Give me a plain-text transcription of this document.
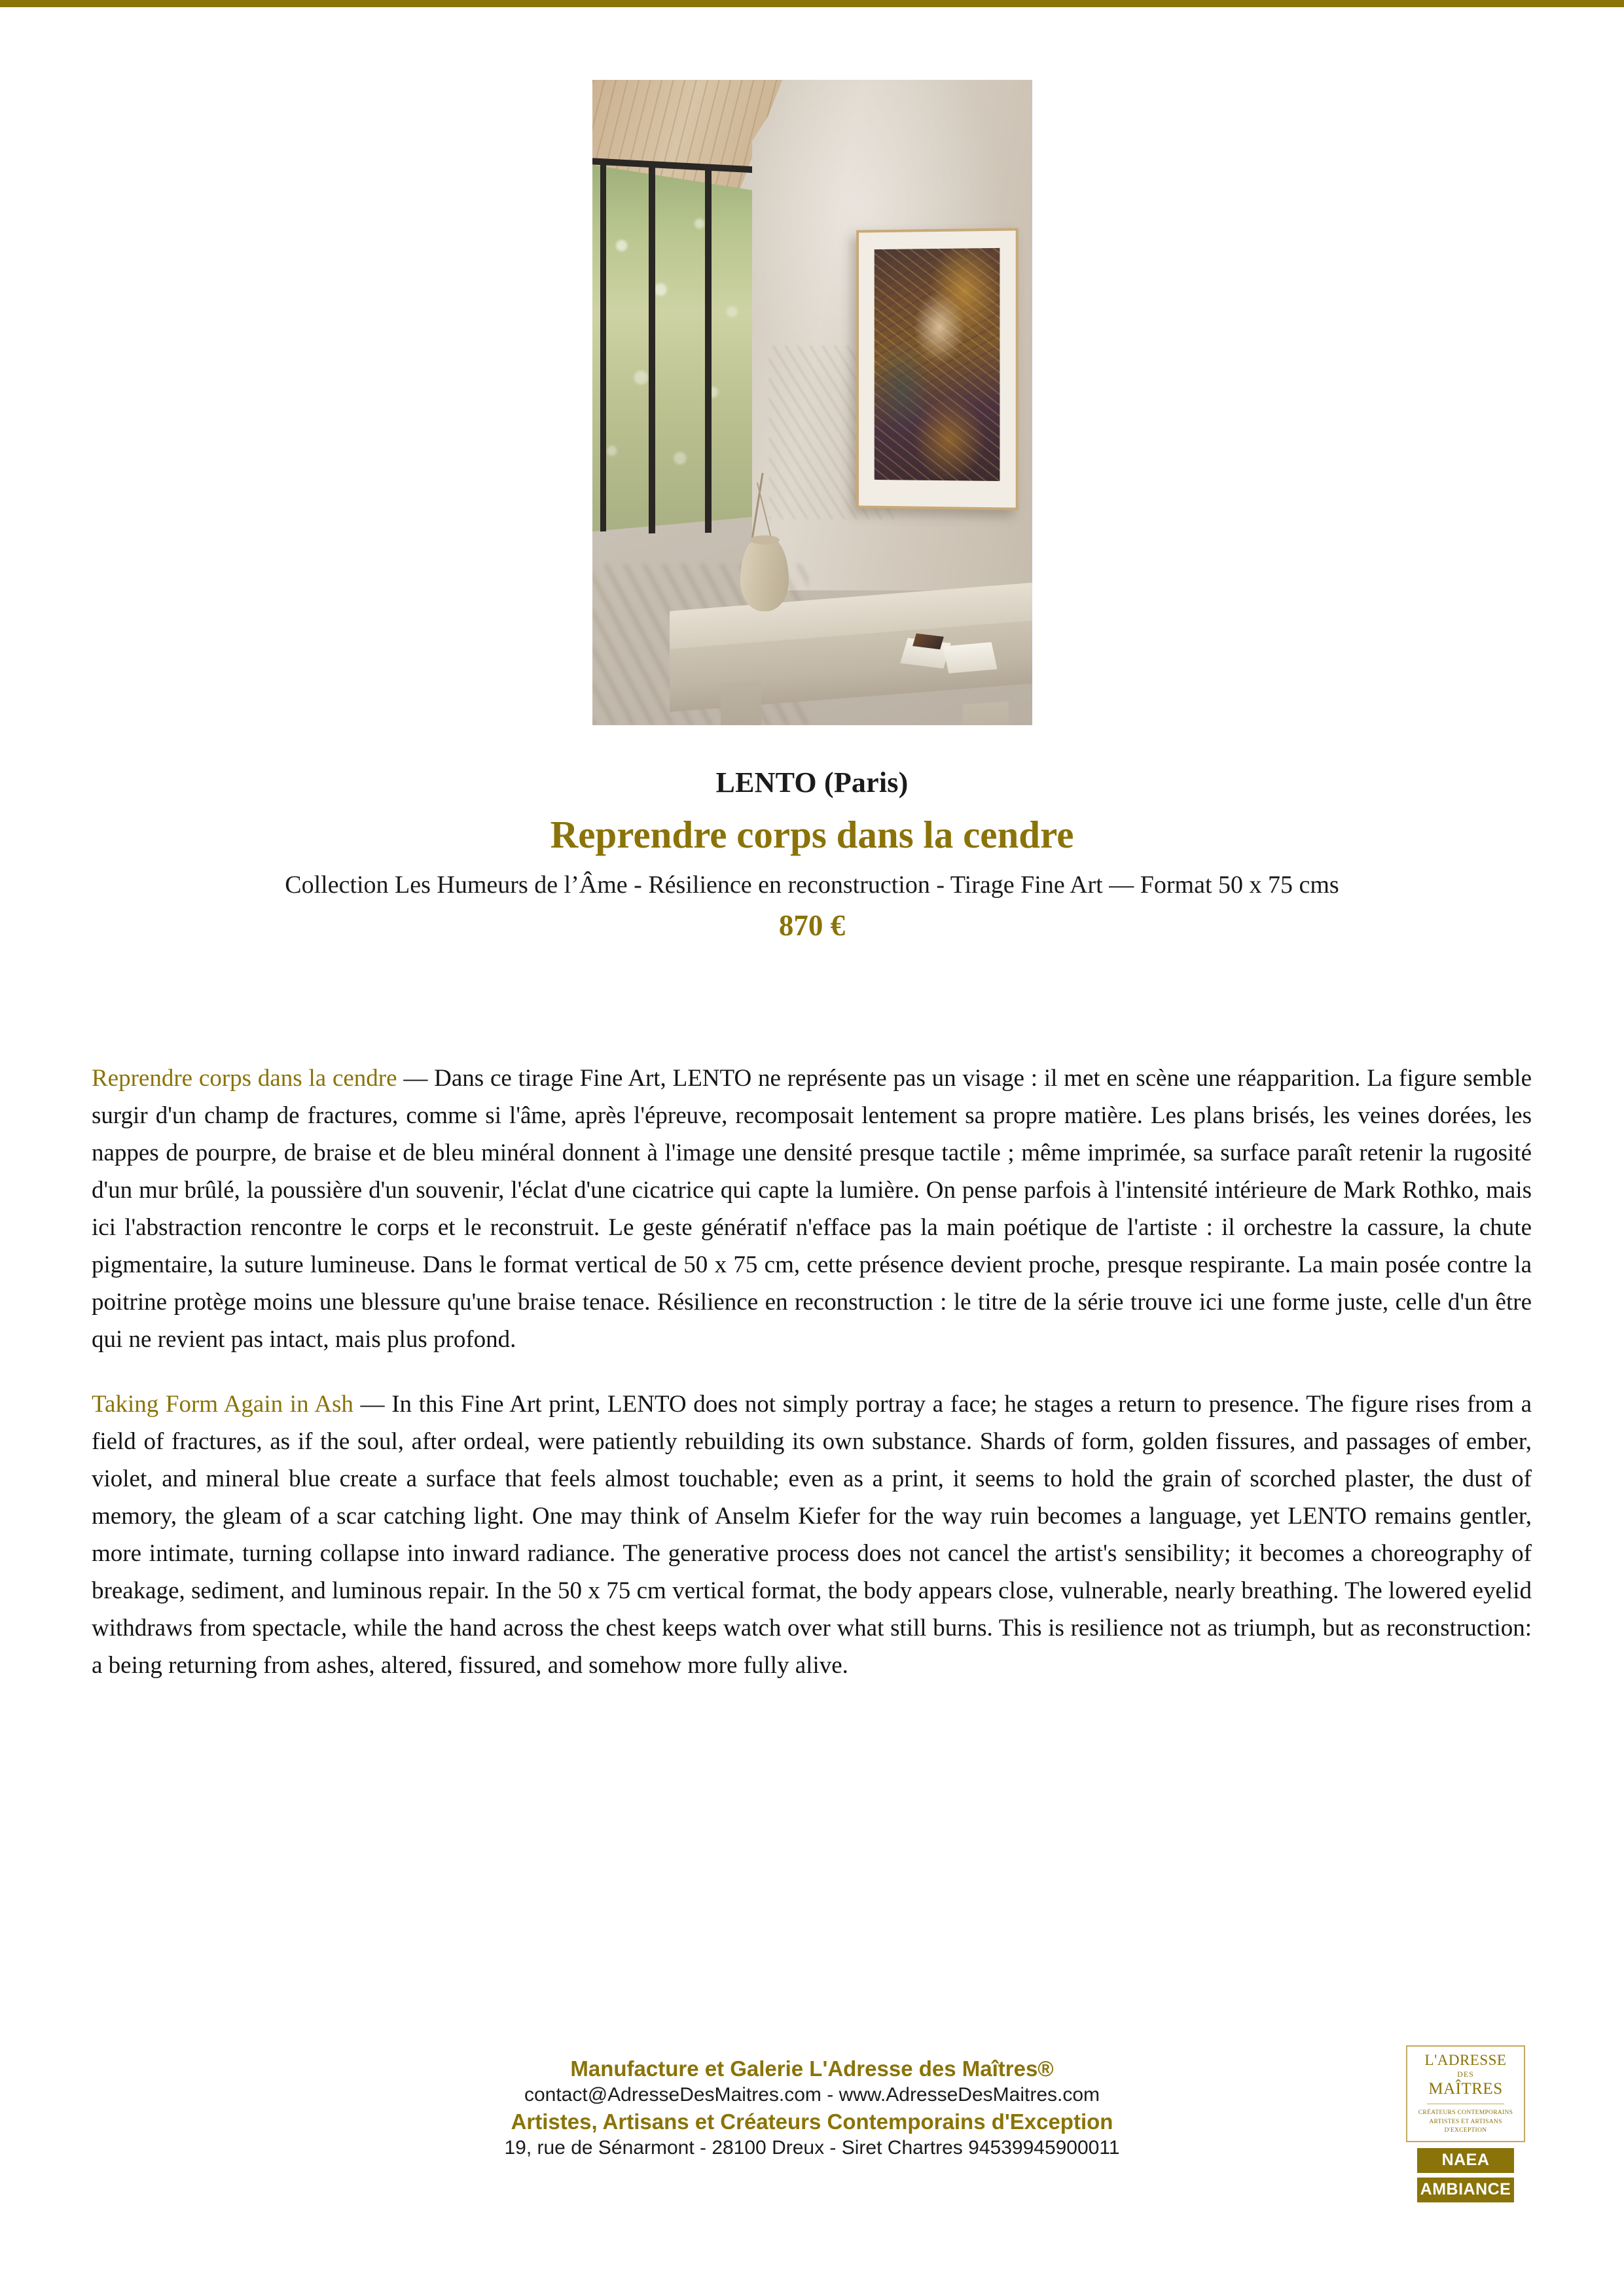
LENTO (Paris)
Reprendre corps dans la cendre
Collection Les Humeurs de l’Âme - Résilience en reconstruction - Tirage Fine Art — Format 50 x 75 cms
870 €

Reprendre corps dans la cendre — Dans ce tirage Fine Art, LENTO ne représente pas un visage : il met en scène une réapparition. La figure semble surgir d'un champ de fractures, comme si l'âme, après l'épreuve, recomposait lentement sa propre matière. Les plans brisés, les veines dorées, les nappes de pourpre, de braise et de bleu minéral donnent à l'image une densité presque tactile ; même imprimée, sa surface paraît retenir la rugosité d'un mur brûlé, la poussière d'un souvenir, l'éclat d'une cicatrice qui capte la lumière. On pense parfois à l'intensité intérieure de Mark Rothko, mais ici l'abstraction rencontre le corps et le reconstruit. Le geste génératif n'efface pas la main poétique de l'artiste : il orchestre la cassure, la chute pigmentaire, la suture lumineuse. Dans le format vertical de 50 x 75 cm, cette présence devient proche, presque respirante. La main posée contre la poitrine protège moins une blessure qu'une braise tenace. Résilience en reconstruction : le titre de la série trouve ici une forme juste, celle d'un être qui ne revient pas intact, mais plus profond.

Taking Form Again in Ash — In this Fine Art print, LENTO does not simply portray a face; he stages a return to presence. The figure rises from a field of fractures, as if the soul, after ordeal, were patiently rebuilding its own substance. Shards of form, golden fissures, and passages of ember, violet, and mineral blue create a surface that feels almost touchable; even as a print, it seems to hold the grain of scorched plaster, the dust of memory, the gleam of a scar catching light. One may think of Anselm Kiefer for the way ruin becomes a language, yet LENTO remains gentler, more intimate, turning collapse into inward radiance. The generative process does not cancel the artist's sensibility; it becomes a choreography of breakage, sediment, and luminous repair. In the 50 x 75 cm vertical format, the body appears close, vulnerable, nearly breathing. The lowered eyelid withdraws from spectacle, while the hand across the chest keeps watch over what still burns. This is resilience not as triumph, but as reconstruction: a being returning from ashes, altered, fissured, and somehow more fully alive.

Manufacture et Galerie L'Adresse des Maîtres®
contact@AdresseDesMaitres.com - www.AdresseDesMaitres.com
Artistes, Artisans et Créateurs Contemporains d'Exception
19, rue de Sénarmont - 28100 Dreux - Siret Chartres 94539945900011
L'ADRESSE
DES
MAÎTRES
CRÉATEURS CONTEMPORAINS
ARTISTES ET ARTISANS
D'EXCEPTION
NAEA
AMBIANCE
